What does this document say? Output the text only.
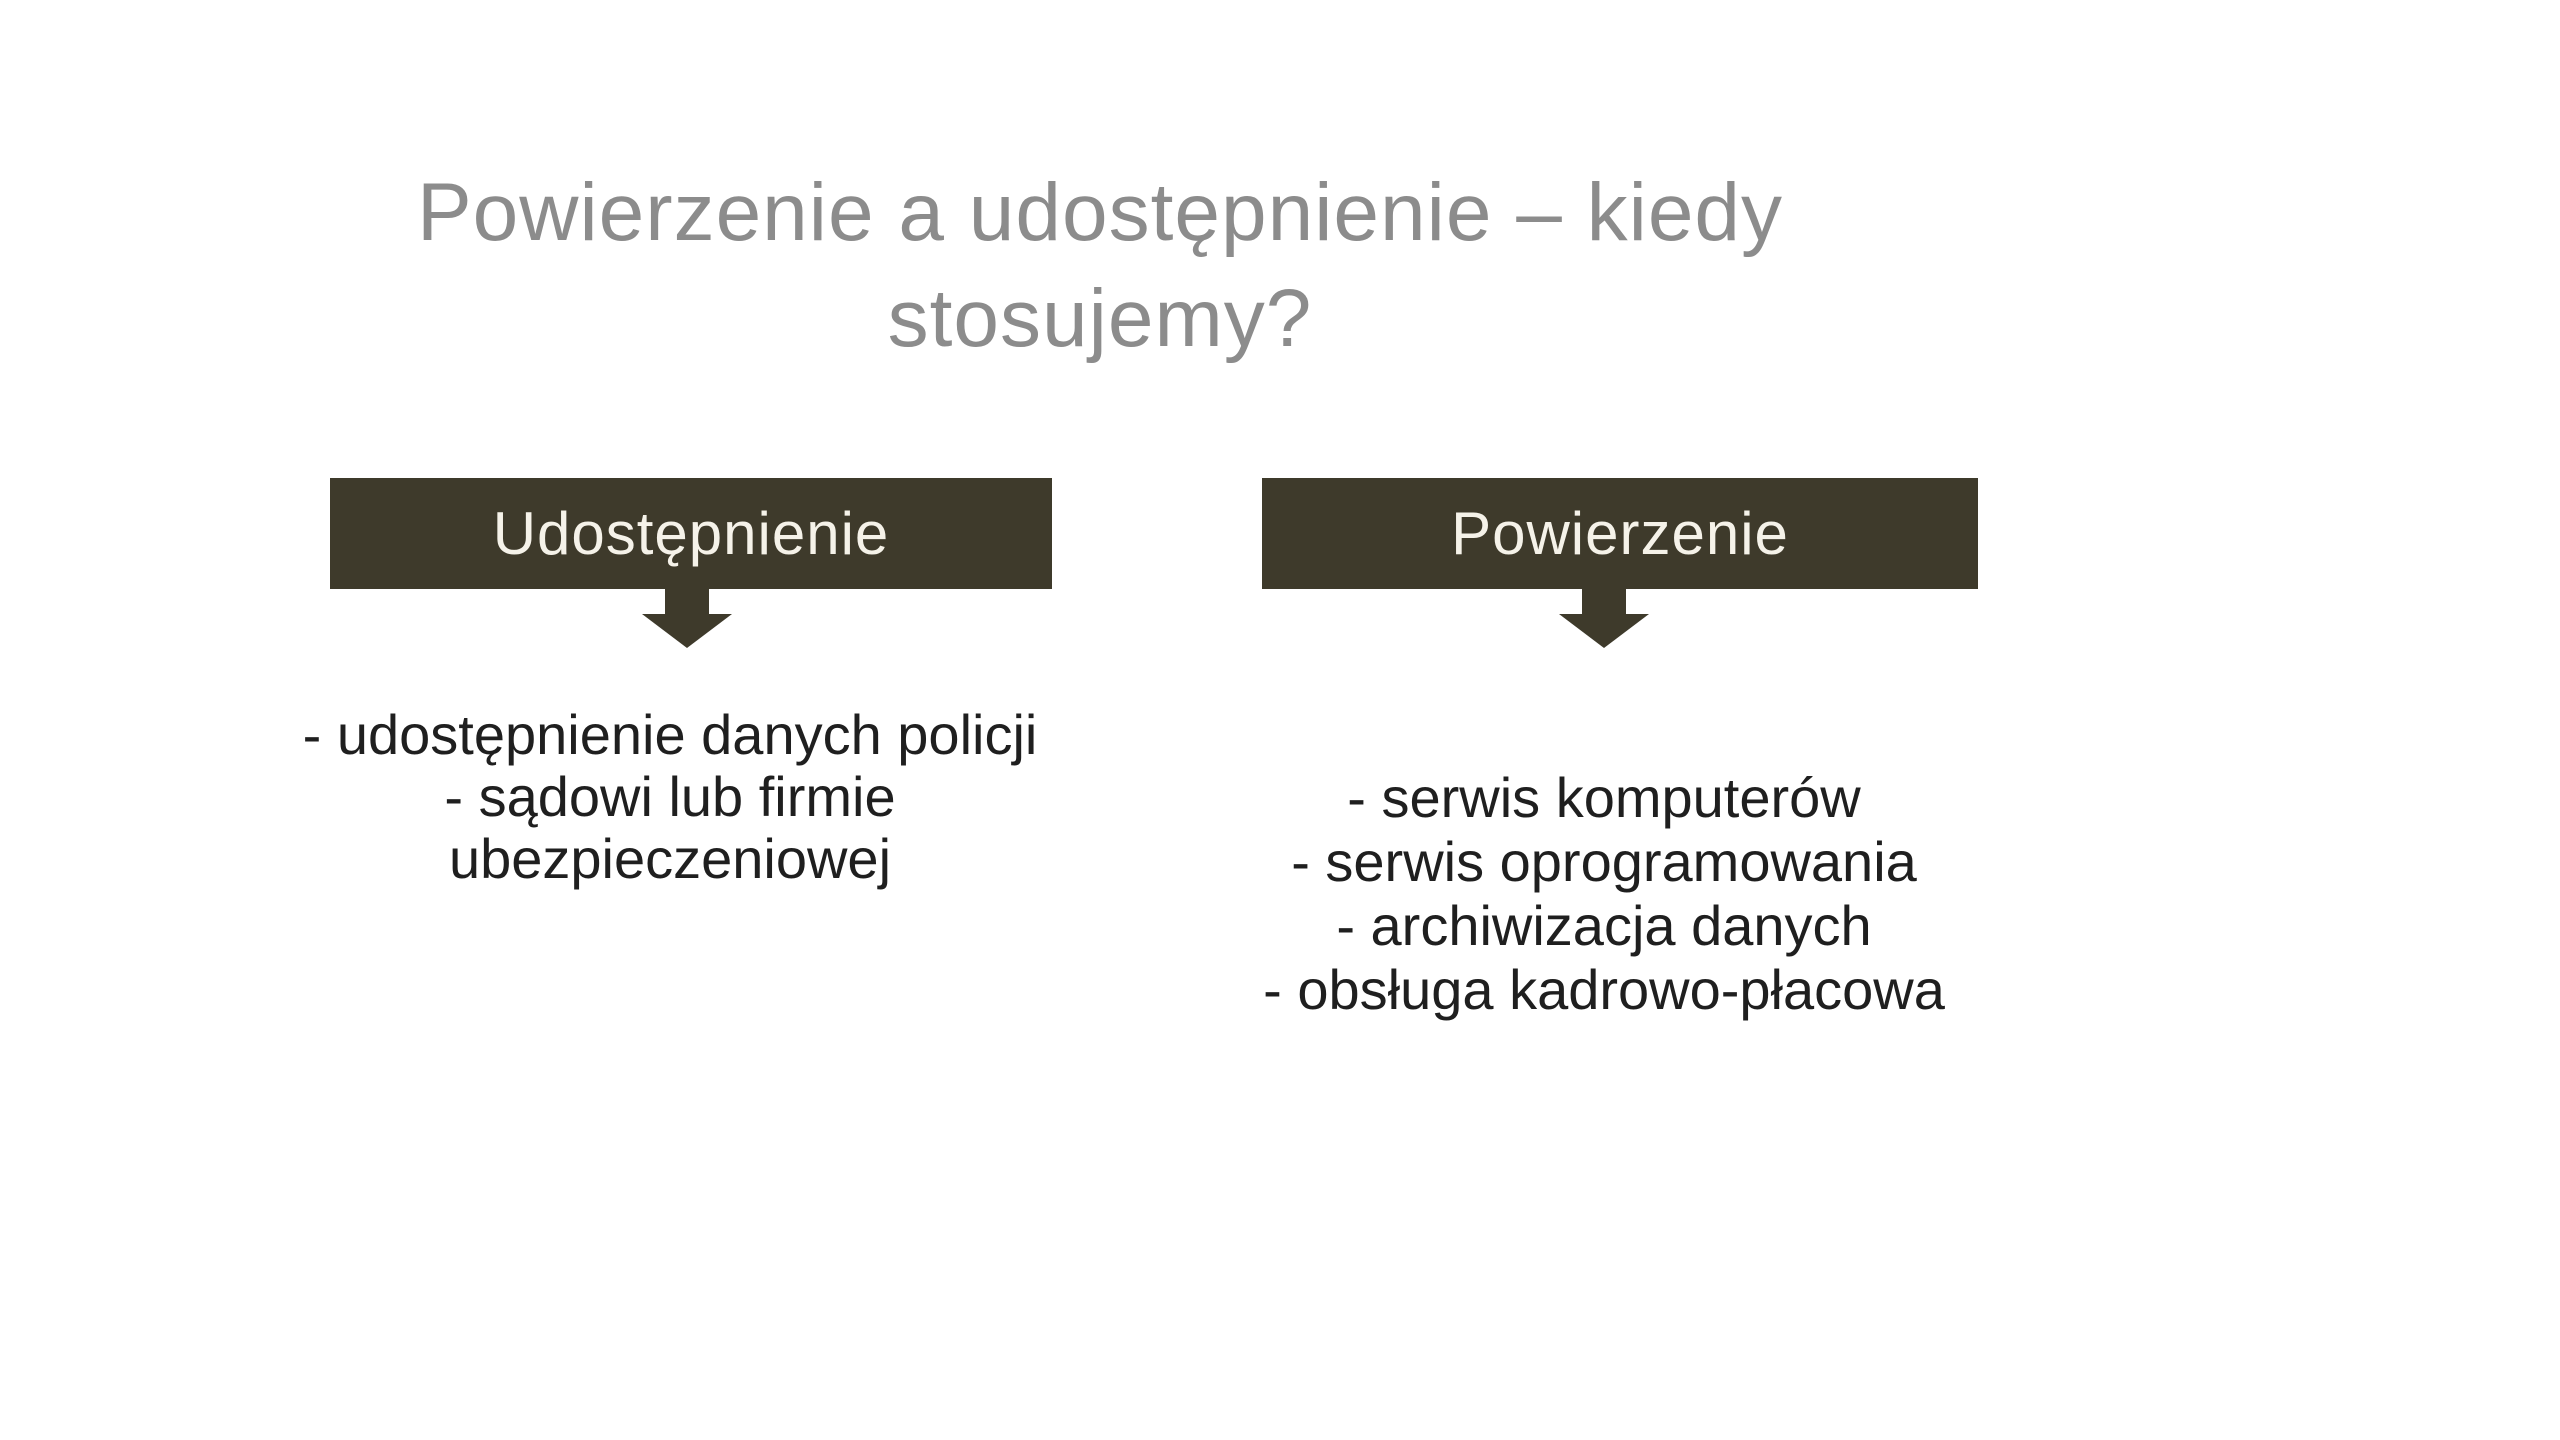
Powierzenie a udostępnienie – kiedy
stosujemy?
Udostępnienie	Powierzenie
- udostępnienie danych policji
- sądowi lub firmie
ubezpieczeniowej
- serwis komputerów
- serwis oprogramowania
- archiwizacja danych
- obsługa kadrowo-płacowa
